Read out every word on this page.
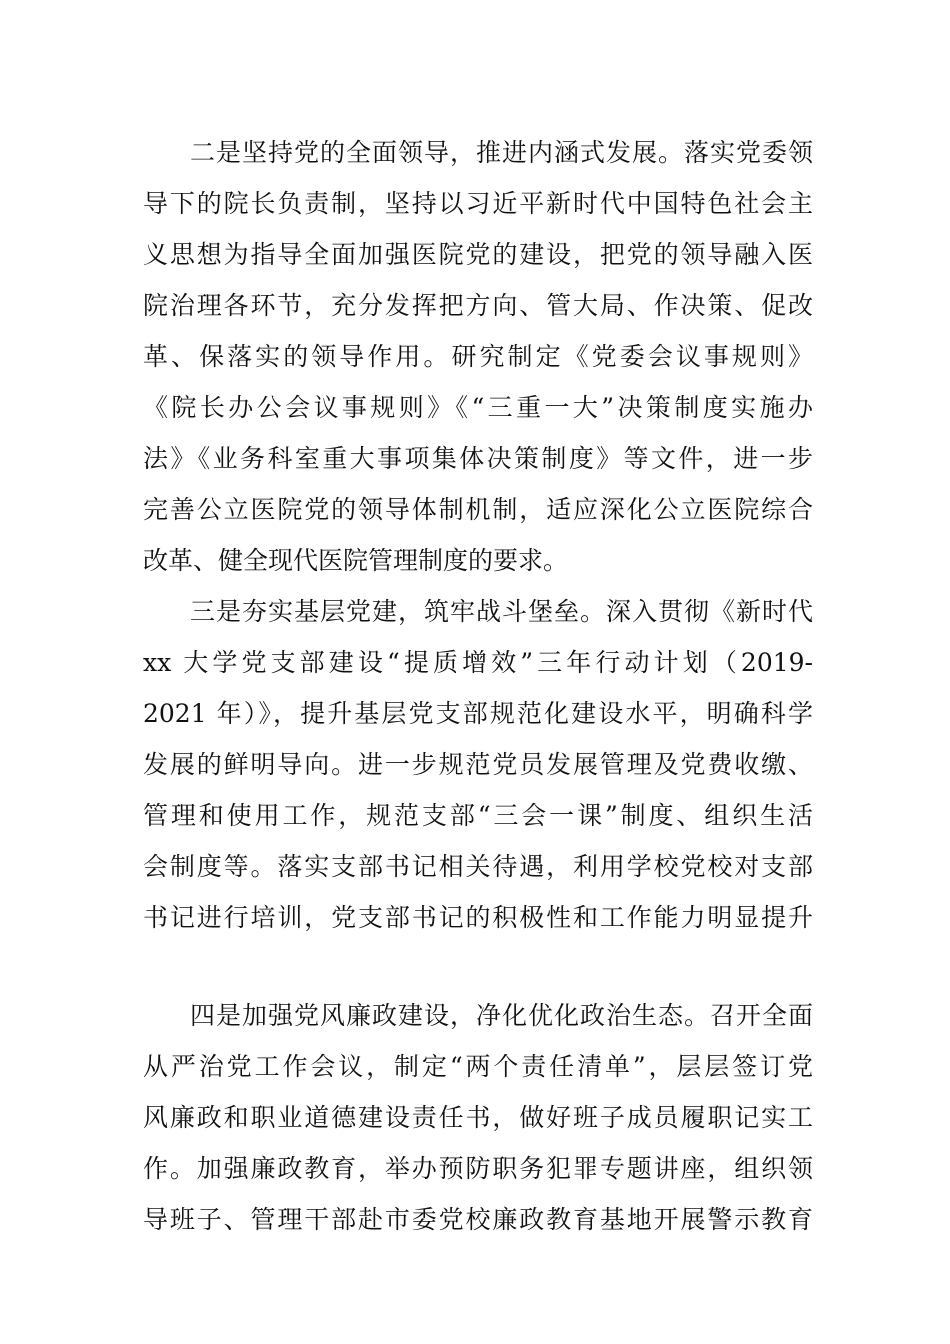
二是坚持党的全面领导，推进内涵式发展。落实党委领
导下的院长负责制，坚持以习近平新时代中国特色社会主
义思想为指导全面加强医院党的建设，把党的领导融入医
院治理各环节，充分发挥把方向、管大局、作决策、促改
革、保落实的领导作用。研究制定《党委会议事规则》
《院长办公会议事规则》《“三重一大”决策制度实施办
法》《业务科室重大事项集体决策制度》等文件，进一步
完善公立医院党的领导体制机制，适应深化公立医院综合
改革、健全现代医院管理制度的要求。
三是夯实基层党建，筑牢战斗堡垒。深入贯彻《新时代
xx 大学党支部建设“提质增效”三年行动计划（2019-
2021 年）》，提升基层党支部规范化建设水平，明确科学
发展的鲜明导向。进一步规范党员发展管理及党费收缴、
管理和使用工作，规范支部“三会一课”制度、组织生活
会制度等。落实支部书记相关待遇，利用学校党校对支部
书记进行培训，党支部书记的积极性和工作能力明显提升
四是加强党风廉政建设，净化优化政治生态。召开全面
从严治党工作会议，制定“两个责任清单”，层层签订党
风廉政和职业道德建设责任书，做好班子成员履职记实工
作。加强廉政教育，举办预防职务犯罪专题讲座，组织领
导班子、管理干部赴市委党校廉政教育基地开展警示教育
